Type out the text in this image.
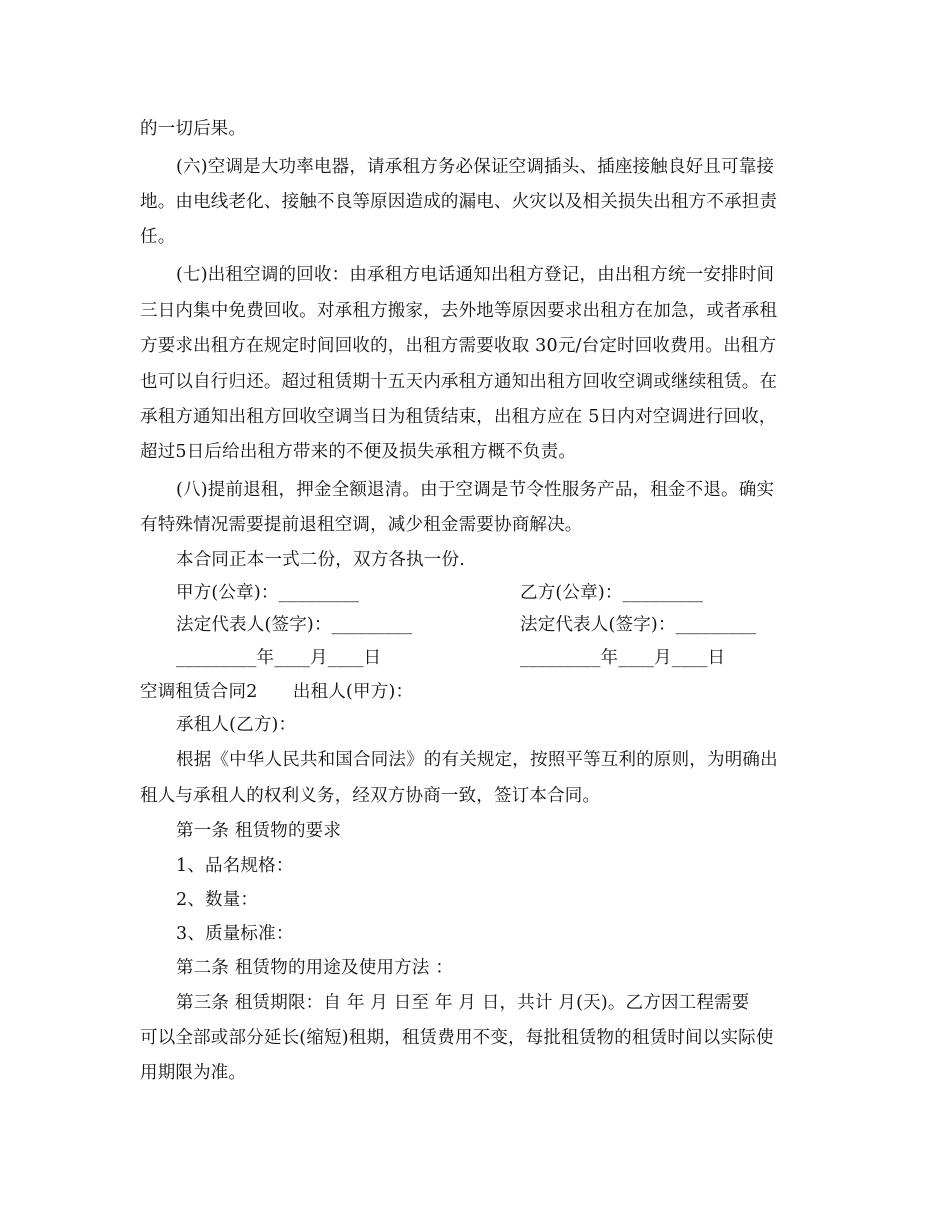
的一切后果。
(六)空调是大功率电器，请承租方务必保证空调插头、插座接触良好且可靠接
地。由电线老化、接触不良等原因造成的漏电、火灾以及相关损失出租方不承担责
任。
(七)出租空调的回收：由承租方电话通知出租方登记，由出租方统一安排时间
三日内集中免费回收。对承租方搬家，去外地等原因要求出租方在加急，或者承租
方要求出租方在规定时间回收的，出租方需要收取 30元/台定时回收费用。出租方
也可以自行归还。超过租赁期十五天内承租方通知出租方回收空调或继续租赁。在
承租方通知出租方回收空调当日为租赁结束，出租方应在 5日内对空调进行回收，
超过5日后给出租方带来的不便及损失承租方概不负责。
(八)提前退租，押金全额退清。由于空调是节令性服务产品，租金不退。确实
有特殊情况需要提前退租空调，减少租金需要协商解决。
本合同正本一式二份，双方各执一份.
甲方(公章)：_________	乙方(公章)：_________
法定代表人(签字)：_________	法定代表人(签字)：_________
_________年____月____日	_________年____月____日
空调租赁合同2　　出租人(甲方)：
承租人(乙方)：
根据《中华人民共和国合同法》的有关规定，按照平等互利的原则，为明确出
租人与承租人的权利义务，经双方协商一致，签订本合同。
第一条 租赁物的要求
1、品名规格：
2、数量：
3、质量标准：
第二条 租赁物的用途及使用方法 ：
第三条 租赁期限：自 年 月 日至 年 月 日，共计 月(天)。乙方因工程需要
可以全部或部分延长(缩短)租期，租赁费用不变，每批租赁物的租赁时间以实际使
用期限为准。
